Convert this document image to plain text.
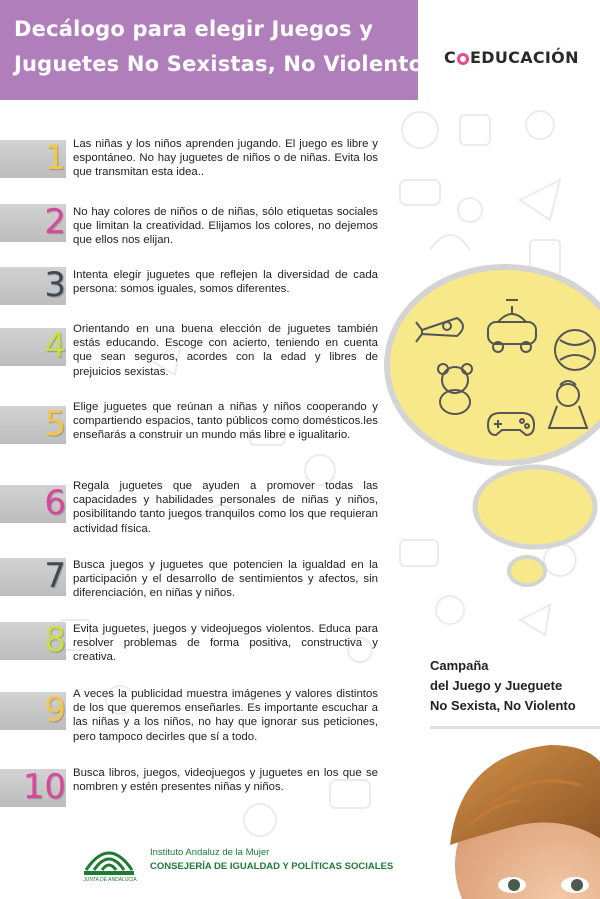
Decálogo para elegir Juegos y
Juguetes No Sexistas, No Violentos C EDUCACIÓN
1 Las niñas y los niños aprenden jugando. El juego es libre y espontáneo. No hay juguetes de niños o de niñas. Evita los que transmitan esta idea..
2 No hay colores de niños o de niñas, sólo etiquetas sociales que limitan la creatividad. Elijamos los colores, no dejemos que ellos nos elijan.
3 Intenta elegir juguetes que reflejen la diversidad de cada persona: somos iguales, somos diferentes.
4 Orientando en una buena elección de juguetes también estás educando. Escoge con acierto, teniendo en cuenta que sean seguros, acordes con la edad y libres de prejuicios sexistas.
5 Elige juguetes que reúnan a niñas y niños cooperando y compartiendo espacios, tanto públicos como domésticos.les enseñarás a construir un mundo más libre e igualitario.
6 Regala juguetes que ayuden a promover todas las capacidades y habilidades personales de niñas y niños, posibilitando tanto juegos tranquilos como los que requieran actividad física.
7 Busca juegos y juguetes que potencien la igualdad en la participación y el desarrollo de sentimientos y afectos, sin diferenciación, en niñas y niños.
8 Evita juguetes, juegos y videojuegos violentos. Educa para resolver problemas de forma positiva, constructiva y creativa.
9 A veces la publicidad muestra imágenes y valores distintos de los que queremos enseñarles. Es importante escuchar a las niñas y a los niños, no hay que ignorar sus peticiones, pero tampoco decirles que sí a todo.
10 Busca libros, juegos, videojuegos y juguetes en los que se nombren y estén presentes niñas y niños.
Campaña
del Juego y Jueguete
No Sexista, No Violento
JUNTA DE ANDALUCIA
Instituto Andaluz de la Mujer
CONSEJERÍA DE IGUALDAD Y POLÍTICAS SOCIALES
